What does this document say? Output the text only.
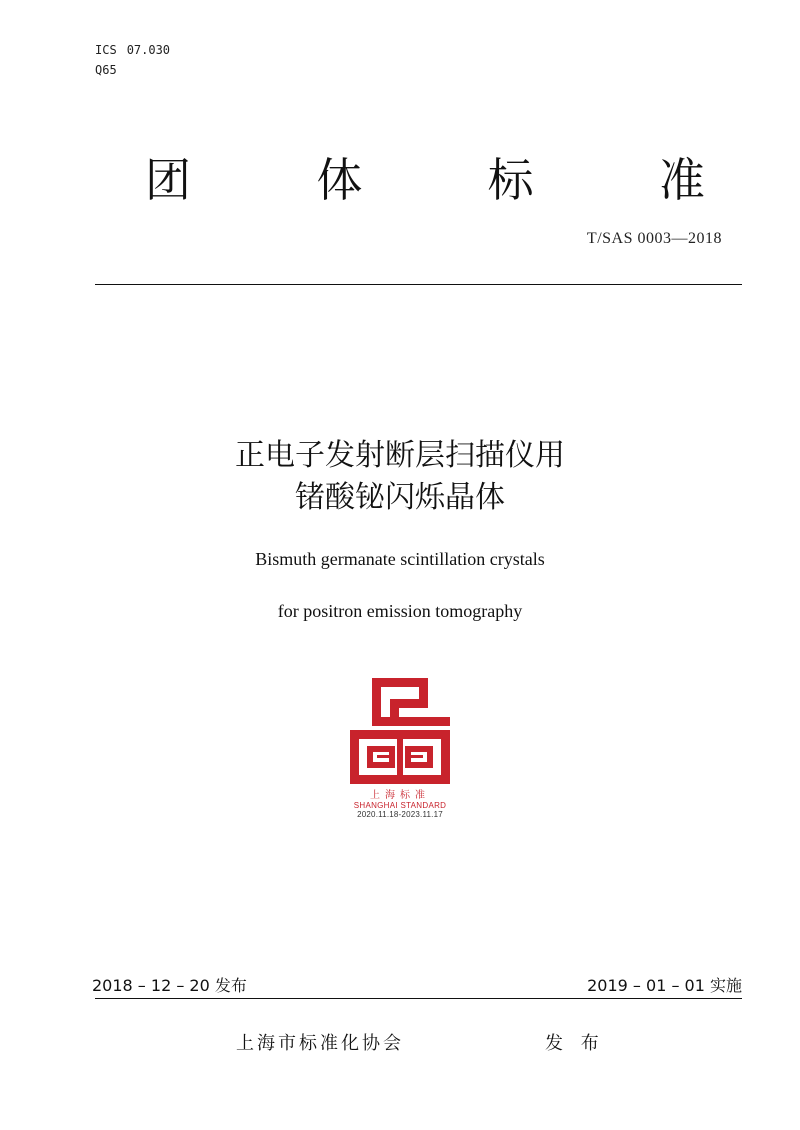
ICS 07.030
Q65
团	体	标	准
T/SAS 0003—2018
正电子发射断层扫描仪用
锗酸铋闪烁晶体
Bismuth germanate scintillation crystals
for positron emission tomography
上海标准
SHANGHAI STANDARD
2020.11.18-2023.11.17
2018 – 12 – 20 发布	2019 – 01 – 01 实施
上海市标准化协会	发 布
